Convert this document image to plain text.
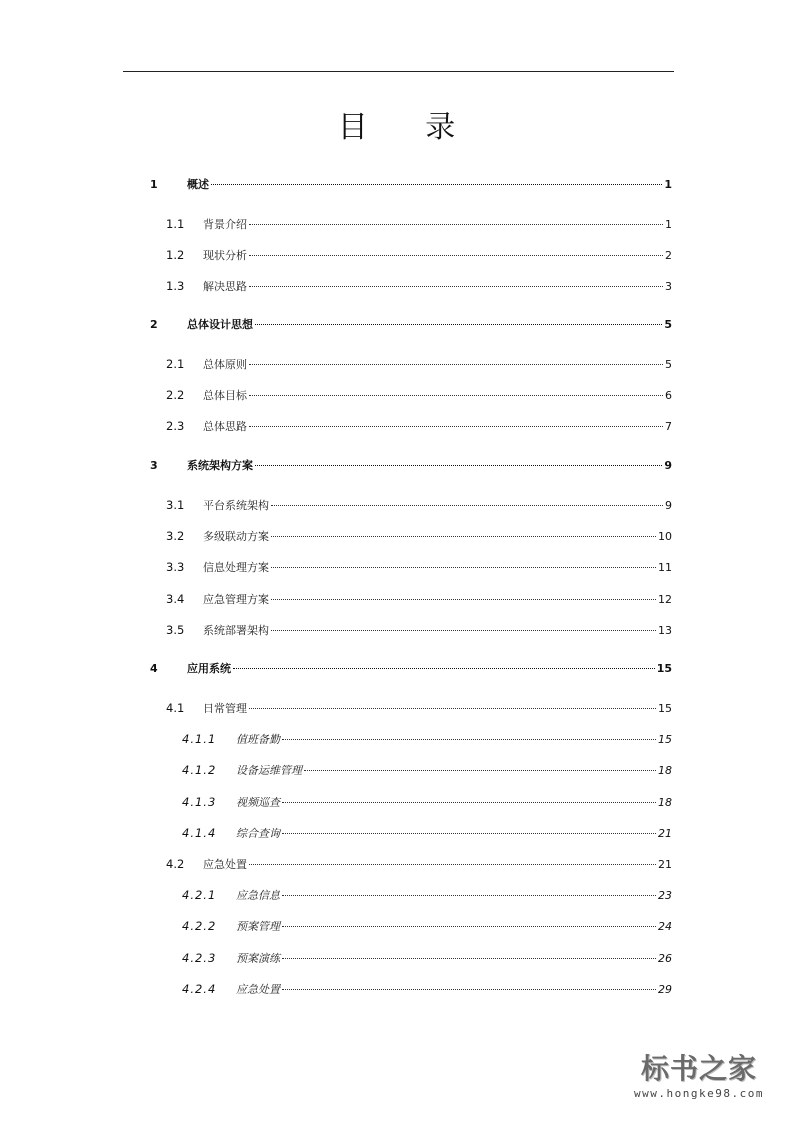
目 录
1	概述	1
1.1	背景介绍	1
1.2	现状分析	2
1.3	解决思路	3
2	总体设计思想	5
2.1	总体原则	5
2.2	总体目标	6
2.3	总体思路	7
3	系统架构方案	9
3.1	平台系统架构	9
3.2	多级联动方案	10
3.3	信息处理方案	11
3.4	应急管理方案	12
3.5	系统部署架构	13
4	应用系统	15
4.1	日常管理	15
4.1.1	值班备勤	15
4.1.2	设备运维管理	18
4.1.3	视频巡查	18
4.1.4	综合查询	21
4.2	应急处置	21
4.2.1	应急信息	23
4.2.2	预案管理	24
4.2.3	预案演练	26
4.2.4	应急处置	29
标书之家
www.hongke98.com
